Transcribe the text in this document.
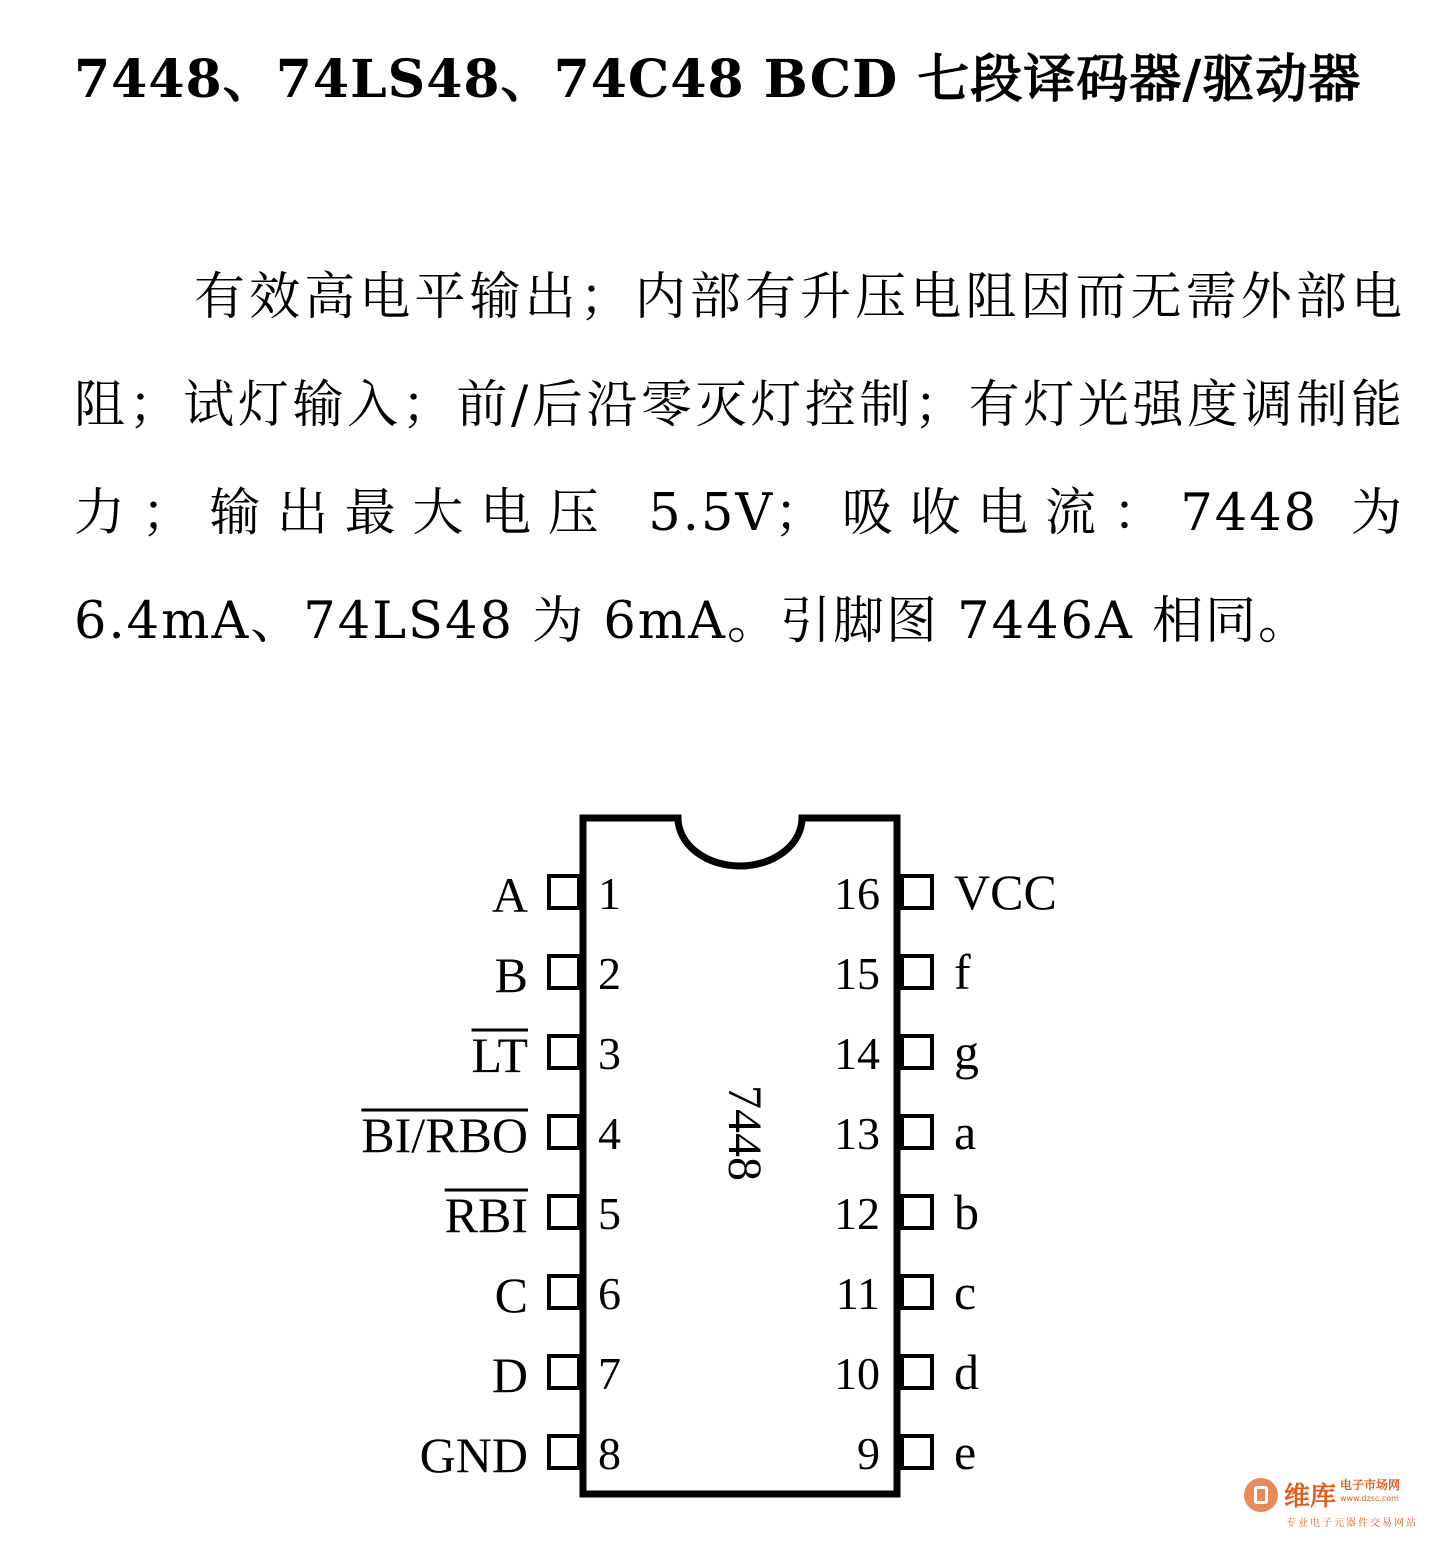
7448、74LS48、74C48 BCD 七段译码器/驱动器

有效高电平输出；内部有升压电阻因而无需外部电阻；试灯输入；前/后沿零灭灯控制；有灯光强度调制能力；输出最大电压 5.5V；吸收电流：7448 为 6.4mA、74LS48 为 6mA。引脚图 7446A 相同。

1
A
2
B
3
LT
4
BI/RBO
5
RBI
6
C
7
D
8
GND
16 VCC
15 f
14 g
13 a
12 b
11 c
10 d
9 e
7448
维库 电子市场网
www.dzsc.com
专业电子元器件交易网站
